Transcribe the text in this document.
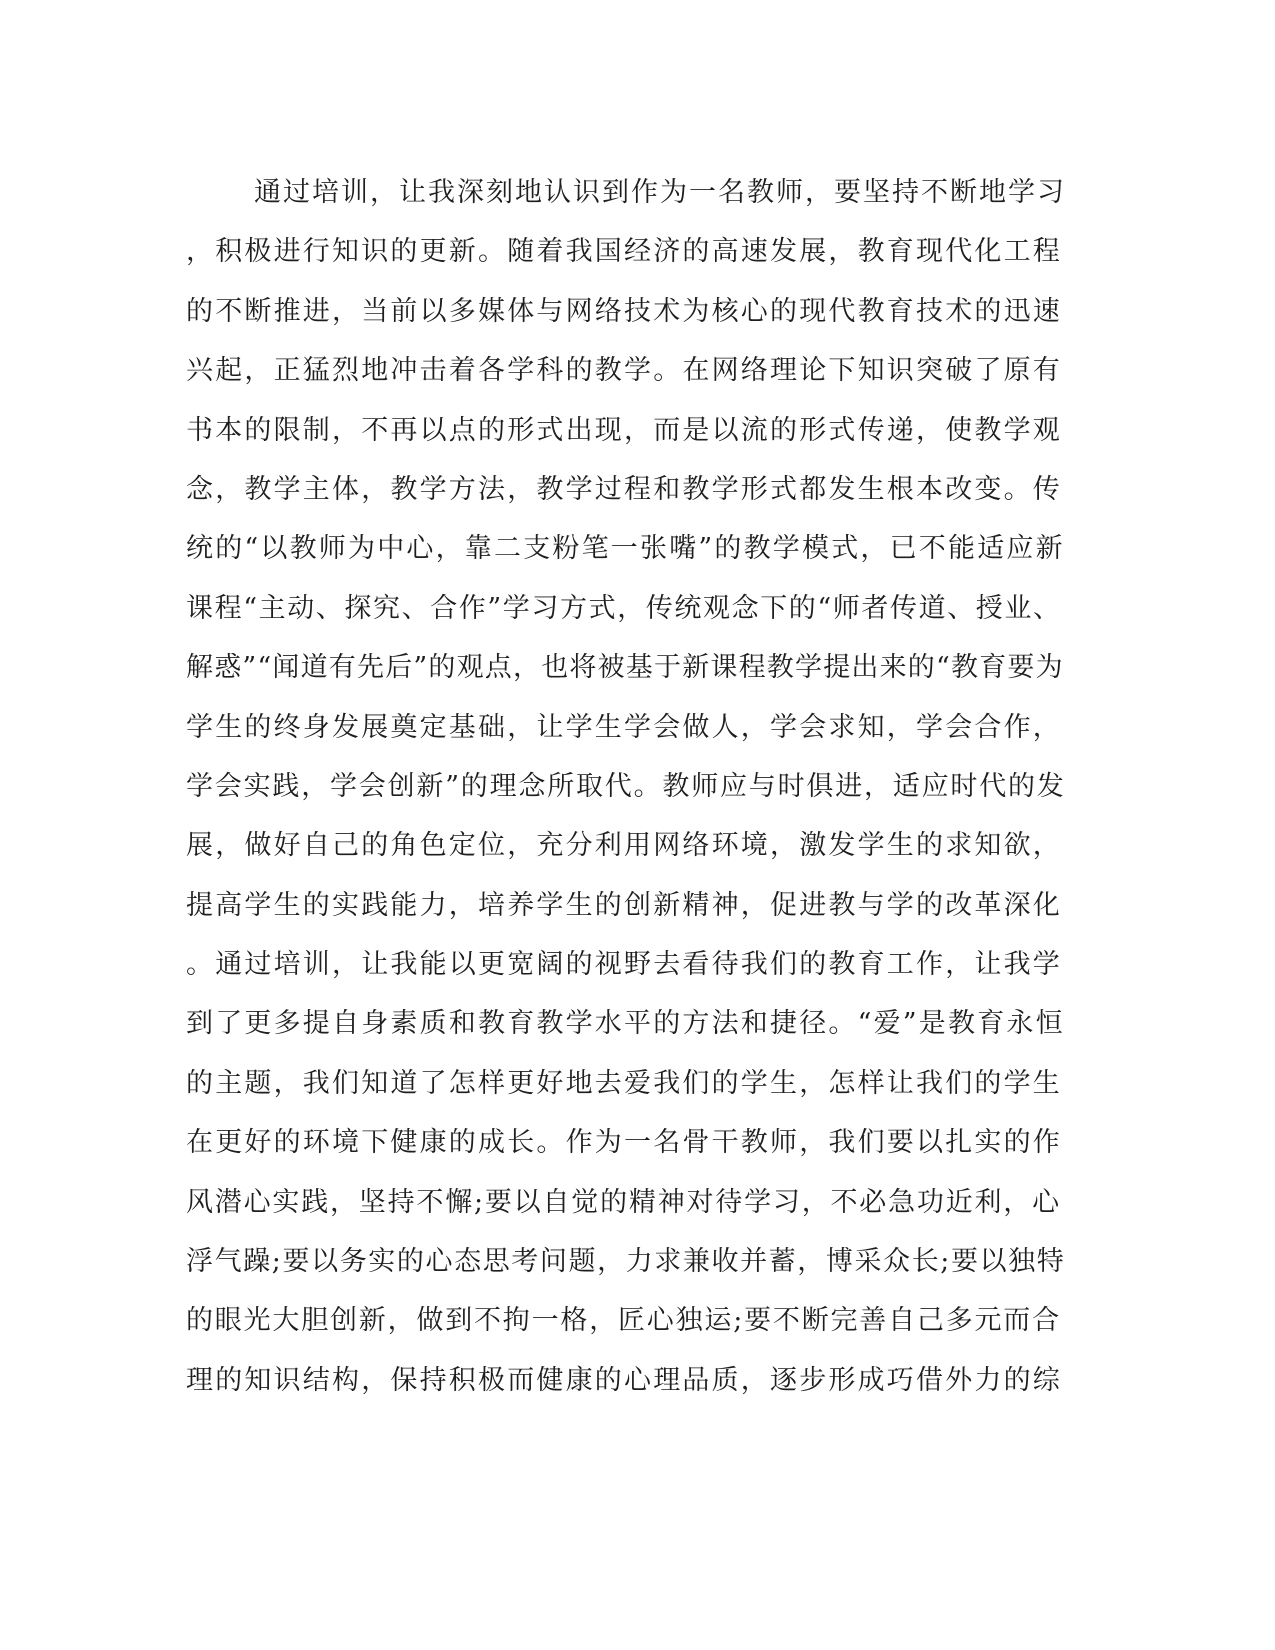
通过培训，让我深刻地认识到作为一名教师，要坚持不断地学习
，积极进行知识的更新。随着我国经济的高速发展，教育现代化工程
的不断推进，当前以多媒体与网络技术为核心的现代教育技术的迅速
兴起，正猛烈地冲击着各学科的教学。在网络理论下知识突破了原有
书本的限制，不再以点的形式出现，而是以流的形式传递，使教学观
念，教学主体，教学方法，教学过程和教学形式都发生根本改变。传
统的“以教师为中心，靠二支粉笔一张嘴”的教学模式，已不能适应新
课程“主动、探究、合作”学习方式，传统观念下的“师者传道、授业、
解惑”“闻道有先后”的观点，也将被基于新课程教学提出来的“教育要为
学生的终身发展奠定基础，让学生学会做人，学会求知，学会合作，
学会实践，学会创新”的理念所取代。教师应与时俱进，适应时代的发
展，做好自己的角色定位，充分利用网络环境，激发学生的求知欲，
提高学生的实践能力，培养学生的创新精神，促进教与学的改革深化
。通过培训，让我能以更宽阔的视野去看待我们的教育工作，让我学
到了更多提自身素质和教育教学水平的方法和捷径。“爱”是教育永恒
的主题，我们知道了怎样更好地去爱我们的学生，怎样让我们的学生
在更好的环境下健康的成长。作为一名骨干教师，我们要以扎实的作
风潜心实践，坚持不懈;要以自觉的精神对待学习，不必急功近利，心
浮气躁;要以务实的心态思考问题，力求兼收并蓄，博采众长;要以独特
的眼光大胆创新，做到不拘一格，匠心独运;要不断完善自己多元而合
理的知识结构，保持积极而健康的心理品质，逐步形成巧借外力的综
